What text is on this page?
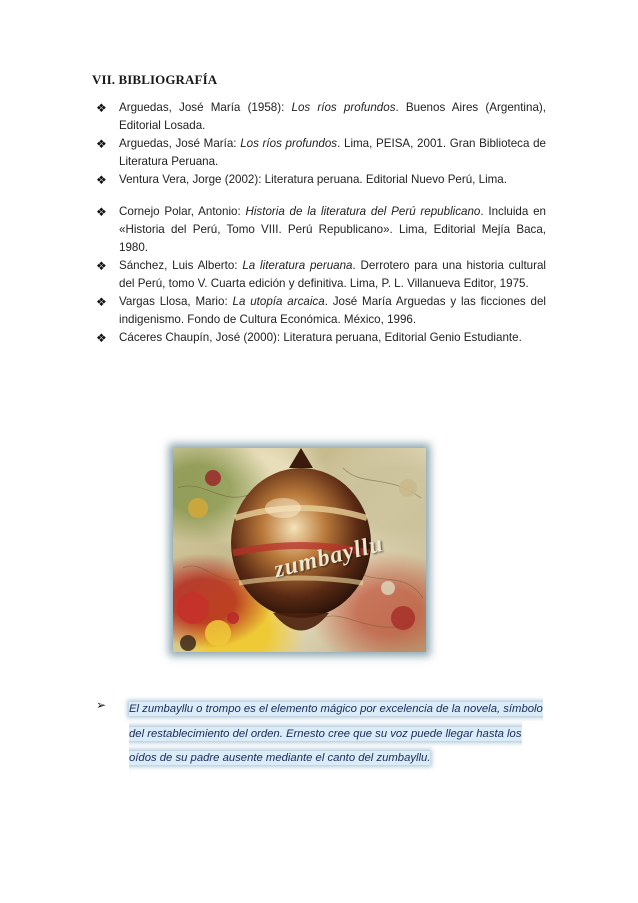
VII. BIBLIOGRAFÍA
❖ Arguedas, José María (1958): Los ríos profundos. Buenos Aires (Argentina), Editorial Losada.
❖ Arguedas, José María: Los ríos profundos. Lima, PEISA, 2001. Gran Biblioteca de Literatura Peruana.
❖ Ventura Vera, Jorge (2002): Literatura peruana. Editorial Nuevo Perú, Lima.
❖ Cornejo Polar, Antonio: Historia de la literatura del Perú republicano. Incluida en «Historia del Perú, Tomo VIII. Perú Republicano». Lima, Editorial Mejía Baca, 1980.
❖ Sánchez, Luis Alberto: La literatura peruana. Derrotero para una historia cultural del Perú, tomo V. Cuarta edición y definitiva. Lima, P. L. Villanueva Editor, 1975.
❖ Vargas Llosa, Mario: La utopía arcaica. José María Arguedas y las ficciones del indigenismo. Fondo de Cultura Económica. México, 1996.
❖ Cáceres Chaupín, José (2000): Literatura peruana, Editorial Genio Estudiante.
zumbayllu
➢ El zumbayllu o trompo es el elemento mágico por excelencia de la novela, símbolo del restablecimiento del orden. Ernesto cree que su voz puede llegar hasta los oídos de su padre ausente mediante el canto del zumbayllu.
